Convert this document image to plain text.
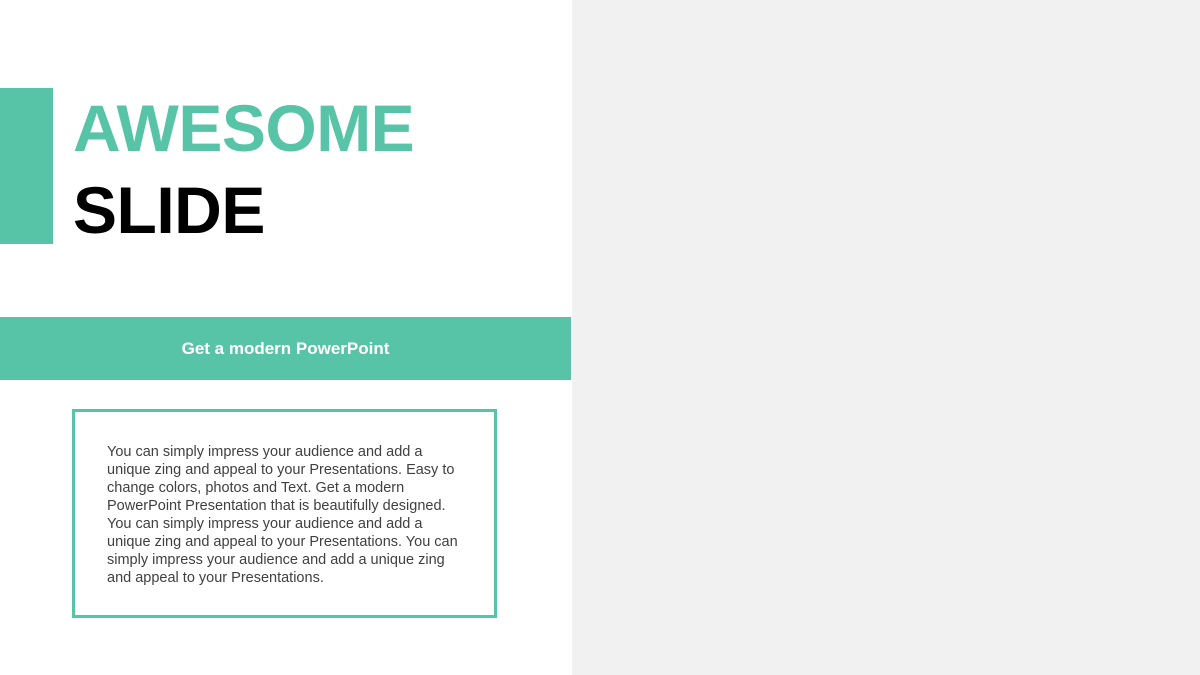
AWESOME
SLIDE
Get a modern PowerPoint

You can simply impress your audience and add a unique zing and appeal to your Presentations. Easy to change colors, photos and Text. Get a modern PowerPoint Presentation that is beautifully designed. You can simply impress your audience and add a unique zing and appeal to your Presentations. You can simply impress your audience and add a unique zing and appeal to your Presentations.
